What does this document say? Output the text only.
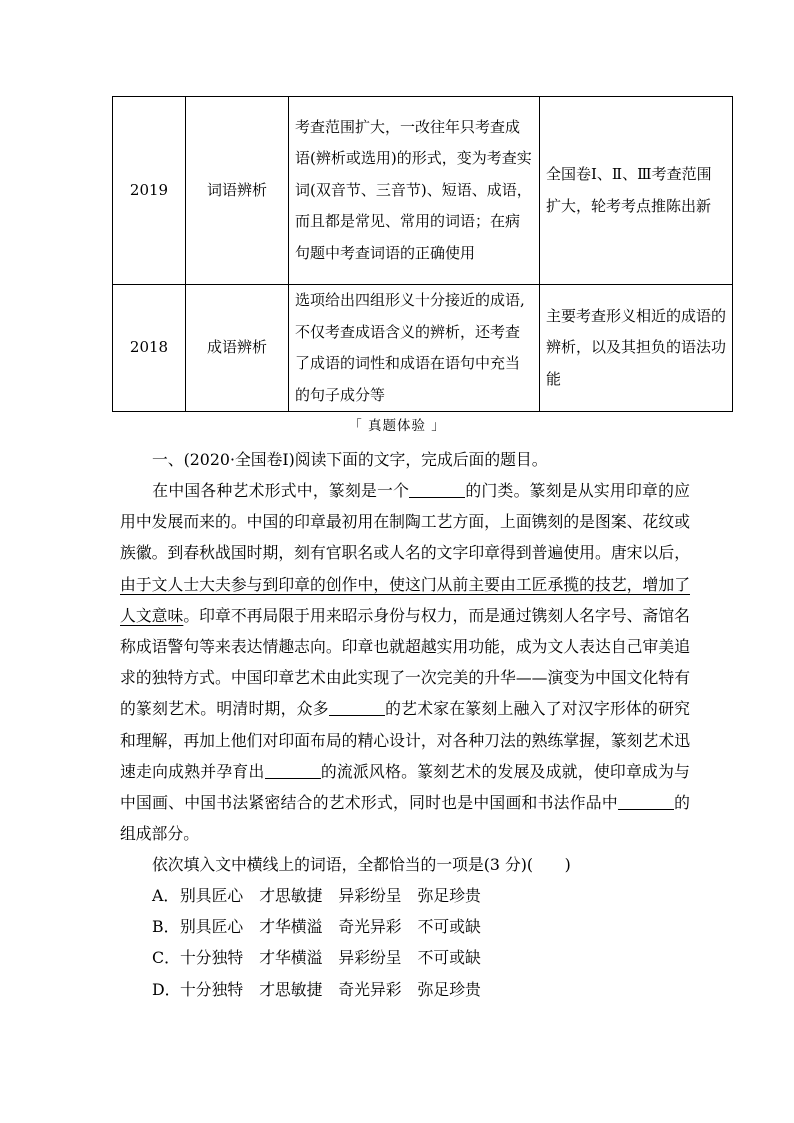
2019	词语辨析	考查范围扩大，一改往年只考查成语(辨析或选用)的形式，变为考查实词(双音节、三音节)、短语、成语，而且都是常见、常用的词语；在病句题中考查词语的正确使用	全国卷Ⅰ、Ⅱ、Ⅲ考查范围扩大，轮考考点推陈出新
2018	成语辨析	选项给出四组形义十分接近的成语,不仅考查成语含义的辨析，还考查了成语的词性和成语在语句中充当的句子成分等	主要考查形义相近的成语的辨析，以及其担负的语法功能
「 真题体验 」
一、(2020·全国卷Ⅰ)阅读下面的文字，完成后面的题目。
在中国各种艺术形式中，篆刻是一个	的门类。篆刻是从实用印章的应用中发展而来的。中国的印章最初用在制陶工艺方面，上面镌刻的是图案、花纹或族徽。到春秋战国时期，刻有官职名或人名的文字印章得到普遍使用。唐宋以后，由于文人士大夫参与到印章的创作中，使这门从前主要由工匠承揽的技艺，增加了人文意味。印章不再局限于用来昭示身份与权力，而是通过镌刻人名字号、斋馆名称成语警句等来表达情趣志向。印章也就超越实用功能，成为文人表达自己审美追求的独特方式。中国印章艺术由此实现了一次完美的升华——演变为中国文化特有的篆刻艺术。明清时期，众多	的艺术家在篆刻上融入了对汉字形体的研究和理解，再加上他们对印面布局的精心设计，对各种刀法的熟练掌握，篆刻艺术迅速走向成熟并孕育出	的流派风格。篆刻艺术的发展及成就，使印章成为与中国画、中国书法紧密结合的艺术形式，同时也是中国画和书法作品中	的组成部分。
依次填入文中横线上的词语，全都恰当的一项是(3 分)(　　)
A．别具匠心 才思敏捷 异彩纷呈 弥足珍贵
B．别具匠心 才华横溢 奇光异彩 不可或缺
C．十分独特 才华横溢 异彩纷呈 不可或缺
D．十分独特 才思敏捷 奇光异彩 弥足珍贵
